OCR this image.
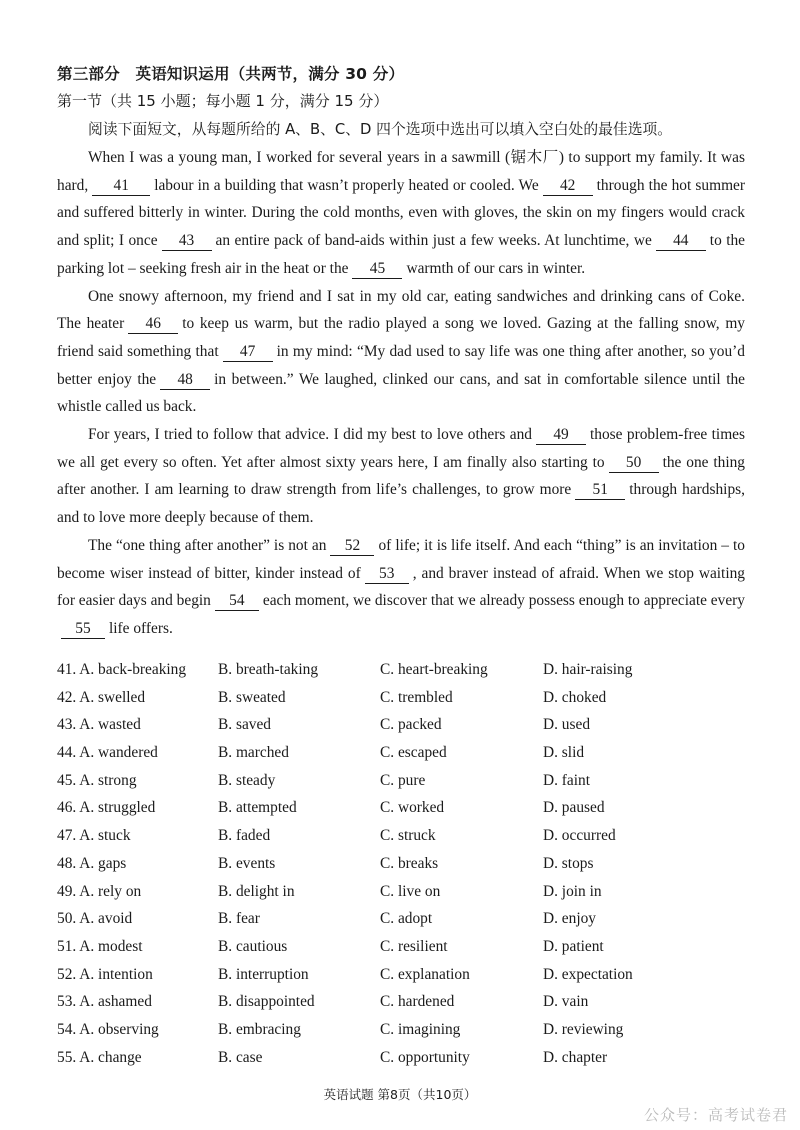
第三部分　英语知识运用（共两节，满分 30 分）
第一节（共 15 小题；每小题 1 分，满分 15 分）
阅读下面短文，从每题所给的 A、B、C、D 四个选项中选出可以填入空白处的最佳选项。

When I was a young man, I worked for several years in a sawmill (锯木厂) to support my family. It was hard, 41 labour in a building that wasn’t properly heated or cooled. We 42 through the hot summer and suffered bitterly in winter. During the cold months, even with gloves, the skin on my fingers would crack and split; I once 43 an entire pack of band-aids within just a few weeks. At lunchtime, we 44 to the parking lot – seeking fresh air in the heat or the 45 warmth of our cars in winter.

One snowy afternoon, my friend and I sat in my old car, eating sandwiches and drinking cans of Coke. The heater 46 to keep us warm, but the radio played a song we loved. Gazing at the falling snow, my friend said something that 47 in my mind: “My dad used to say life was one thing after another, so you’d better enjoy the 48 in between.” We laughed, clinked our cans, and sat in comfortable silence until the whistle called us back.

For years, I tried to follow that advice. I did my best to love others and 49 those problem-free times we all get every so often. Yet after almost sixty years here, I am finally also starting to 50 the one thing after another. I am learning to draw strength from life’s challenges, to grow more 51 through hardships, and to love more deeply because of them.

The “one thing after another” is not an 52 of life; it is life itself. And each “thing” is an invitation – to become wiser instead of bitter, kinder instead of 53 , and braver instead of afraid. When we stop waiting for easier days and begin 54 each moment, we discover that we already possess enough to appreciate every55 life offers.

41. A. back-breaking B. breath-taking	C. heart-breaking	D. hair-raising
42. A. swelled	B. sweated	C. trembled	D. choked
43. A. wasted	B. saved	C. packed	D. used
44. A. wandered	B. marched	C. escaped	D. slid
45. A. strong	B. steady	C. pure	D. faint
46. A. struggled	B. attempted	C. worked	D. paused
47. A. stuck	B. faded	C. struck	D. occurred
48. A. gaps	B. events	C. breaks	D. stops
49. A. rely on	B. delight in	C. live on	D. join in
50. A. avoid	B. fear	C. adopt	D. enjoy
51. A. modest	B. cautious	C. resilient	D. patient
52. A. intention	B. interruption	C. explanation	D. expectation
53. A. ashamed	B. disappointed	C. hardened	D. vain
54. A. observing	B. embracing	C. imagining	D. reviewing
55. A. change	B. case	C. opportunity	D. chapter
英语试题 第8页（共10页）
公众号：高考试卷君
